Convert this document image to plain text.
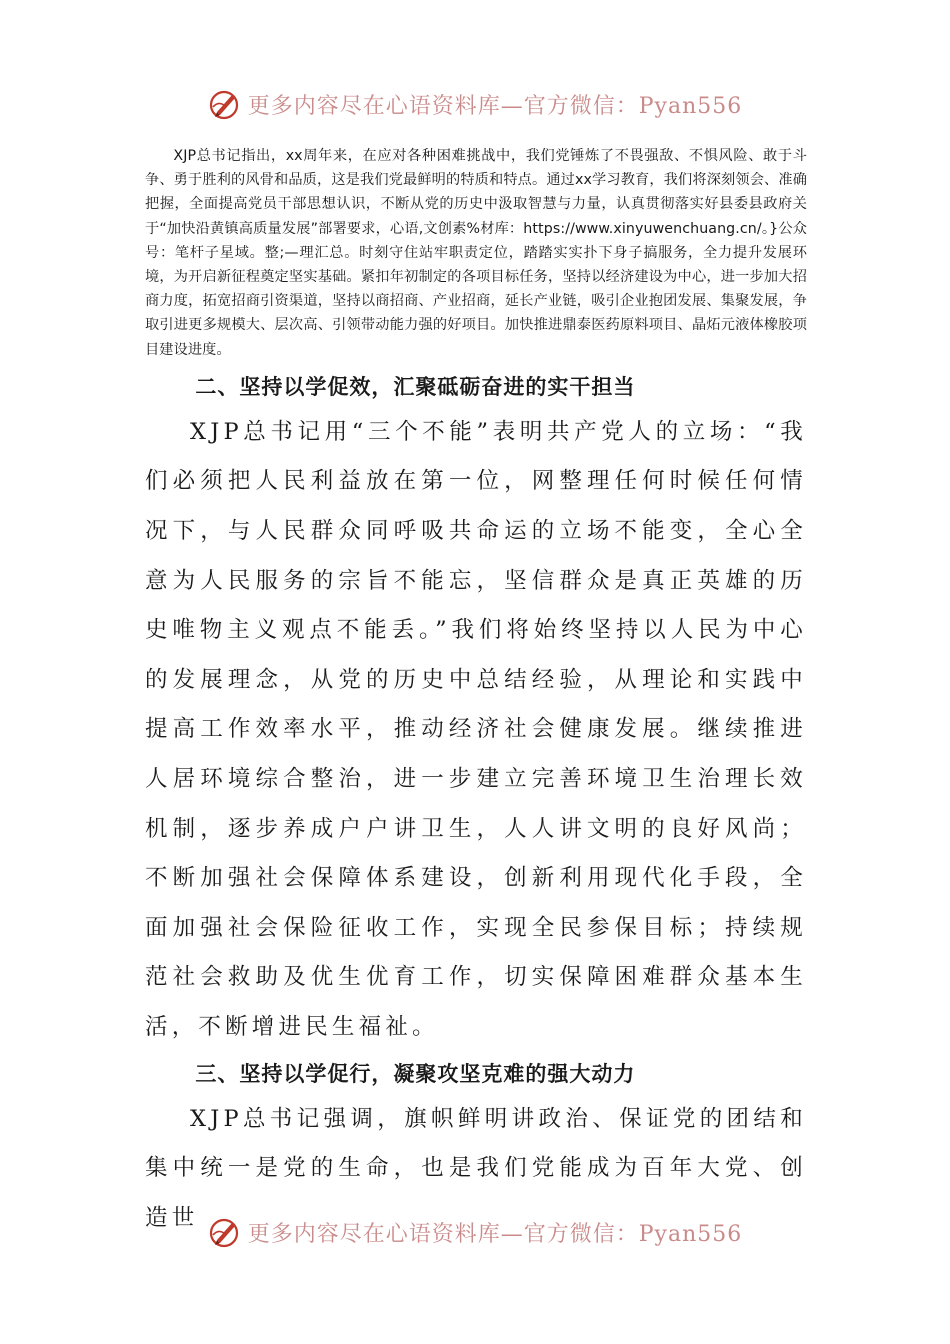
更多内容尽在心语资料库—官方微信：Pyan556

XJP总书记指出，xx周年来，在应对各种困难挑战中，我们党锤炼了不畏强敌、不惧风险、敢于斗争、勇于胜利的风骨和品质，这是我们党最鲜明的特质和特点。通过xx学习教育，我们将深刻领会、准确把握，全面提高党员干部思想认识，不断从党的历史中汲取智慧与力量，认真贯彻落实好县委县政府关于“加快沿黄镇高质量发展”部署要求，心语,文创素%材库：https://www.xinyuwenchuang.cn/。}公众号：笔杆子星域。整;—理汇总。时刻守住站牢职责定位，踏踏实实扑下身子搞服务，全力提升发展环境，为开启新征程奠定坚实基础。紧扣年初制定的各项目标任务，坚持以经济建设为中心，进一步加大招商力度，拓宽招商引资渠道，坚持以商招商、产业招商，延长产业链，吸引企业抱团发展、集聚发展，争取引进更多规模大、层次高、引领带动能力强的好项目。加快推进鼎泰医药原料项目、晶炻元液体橡胶项目建设进度。

二、坚持以学促效，汇聚砥砺奋进的实干担当

XJP总书记用“三个不能”表明共产党人的立场：“我们必须把人民利益放在第一位，网整理任何时候任何情况下，与人民群众同呼吸共命运的立场不能变，全心全意为人民服务的宗旨不能忘，坚信群众是真正英雄的历史唯物主义观点不能丢。”我们将始终坚持以人民为中心的发展理念，从党的历史中总结经验，从理论和实践中提高工作效率水平，推动经济社会健康发展。继续推进人居环境综合整治，进一步建立完善环境卫生治理长效机制，逐步养成户户讲卫生，人人讲文明的良好风尚；不断加强社会保障体系建设，创新利用现代化手段，全面加强社会保险征收工作，实现全民参保目标；持续规范社会救助及优生优育工作，切实保障困难群众基本生活，不断增进民生福祉。

三、坚持以学促行，凝聚攻坚克难的强大动力

XJP总书记强调，旗帜鲜明讲政治、保证党的团结和集中统一是党的生命，也是我们党能成为百年大党、创造世

更多内容尽在心语资料库—官方微信：Pyan556
